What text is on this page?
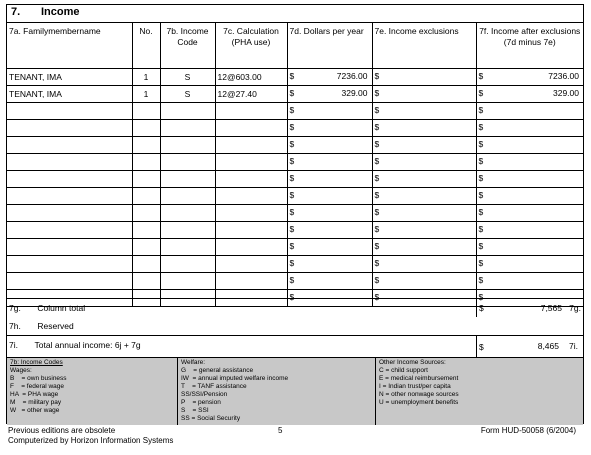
7. Income
7a. Familymembername	No.	7b. Income Code	7c. Calculation (PHA use)	7d. Dollars per year	7e. Income exclusions	7f. Income after exclusions (7d minus 7e)
TENANT, IMA	1	S	12@603.00	$ 7236.00	$	$ 7236.00

TENANT, IMA	1	S	12@27.40	$ 329.00	$	$ 329.00

				$	$	$

				$	$	$

				$	$	$

				$	$	$

				$	$	$

				$	$	$

				$	$	$

				$	$	$

				$	$	$

				$	$	$

				$	$	$

				$	$	$
7g. Column total	$	7,565 7g.
7h. Reserved
7i. Total annual income: 6j + 7g	$	8,465 7i.
7b: Income Codes
Wages:
B    = own business
F    = federal wage
HA  = PHA wage
M    = military pay
W   = other wage
Welfare:
G    = general assistance
IW  = annual imputed welfare income
T    = TANF assistance
SS/SSI/Pension
P    = pension
S    = SSI
SS = Social Security
Other Income Sources:
C = child support
E = medical reimbursement
I = Indian trust/per capita
N = other nonwage sources
U = unemployment benefits
Previous editions are obsolete
Computerized by Horizon Information Systems
5	Form HUD-50058 (6/2004)
